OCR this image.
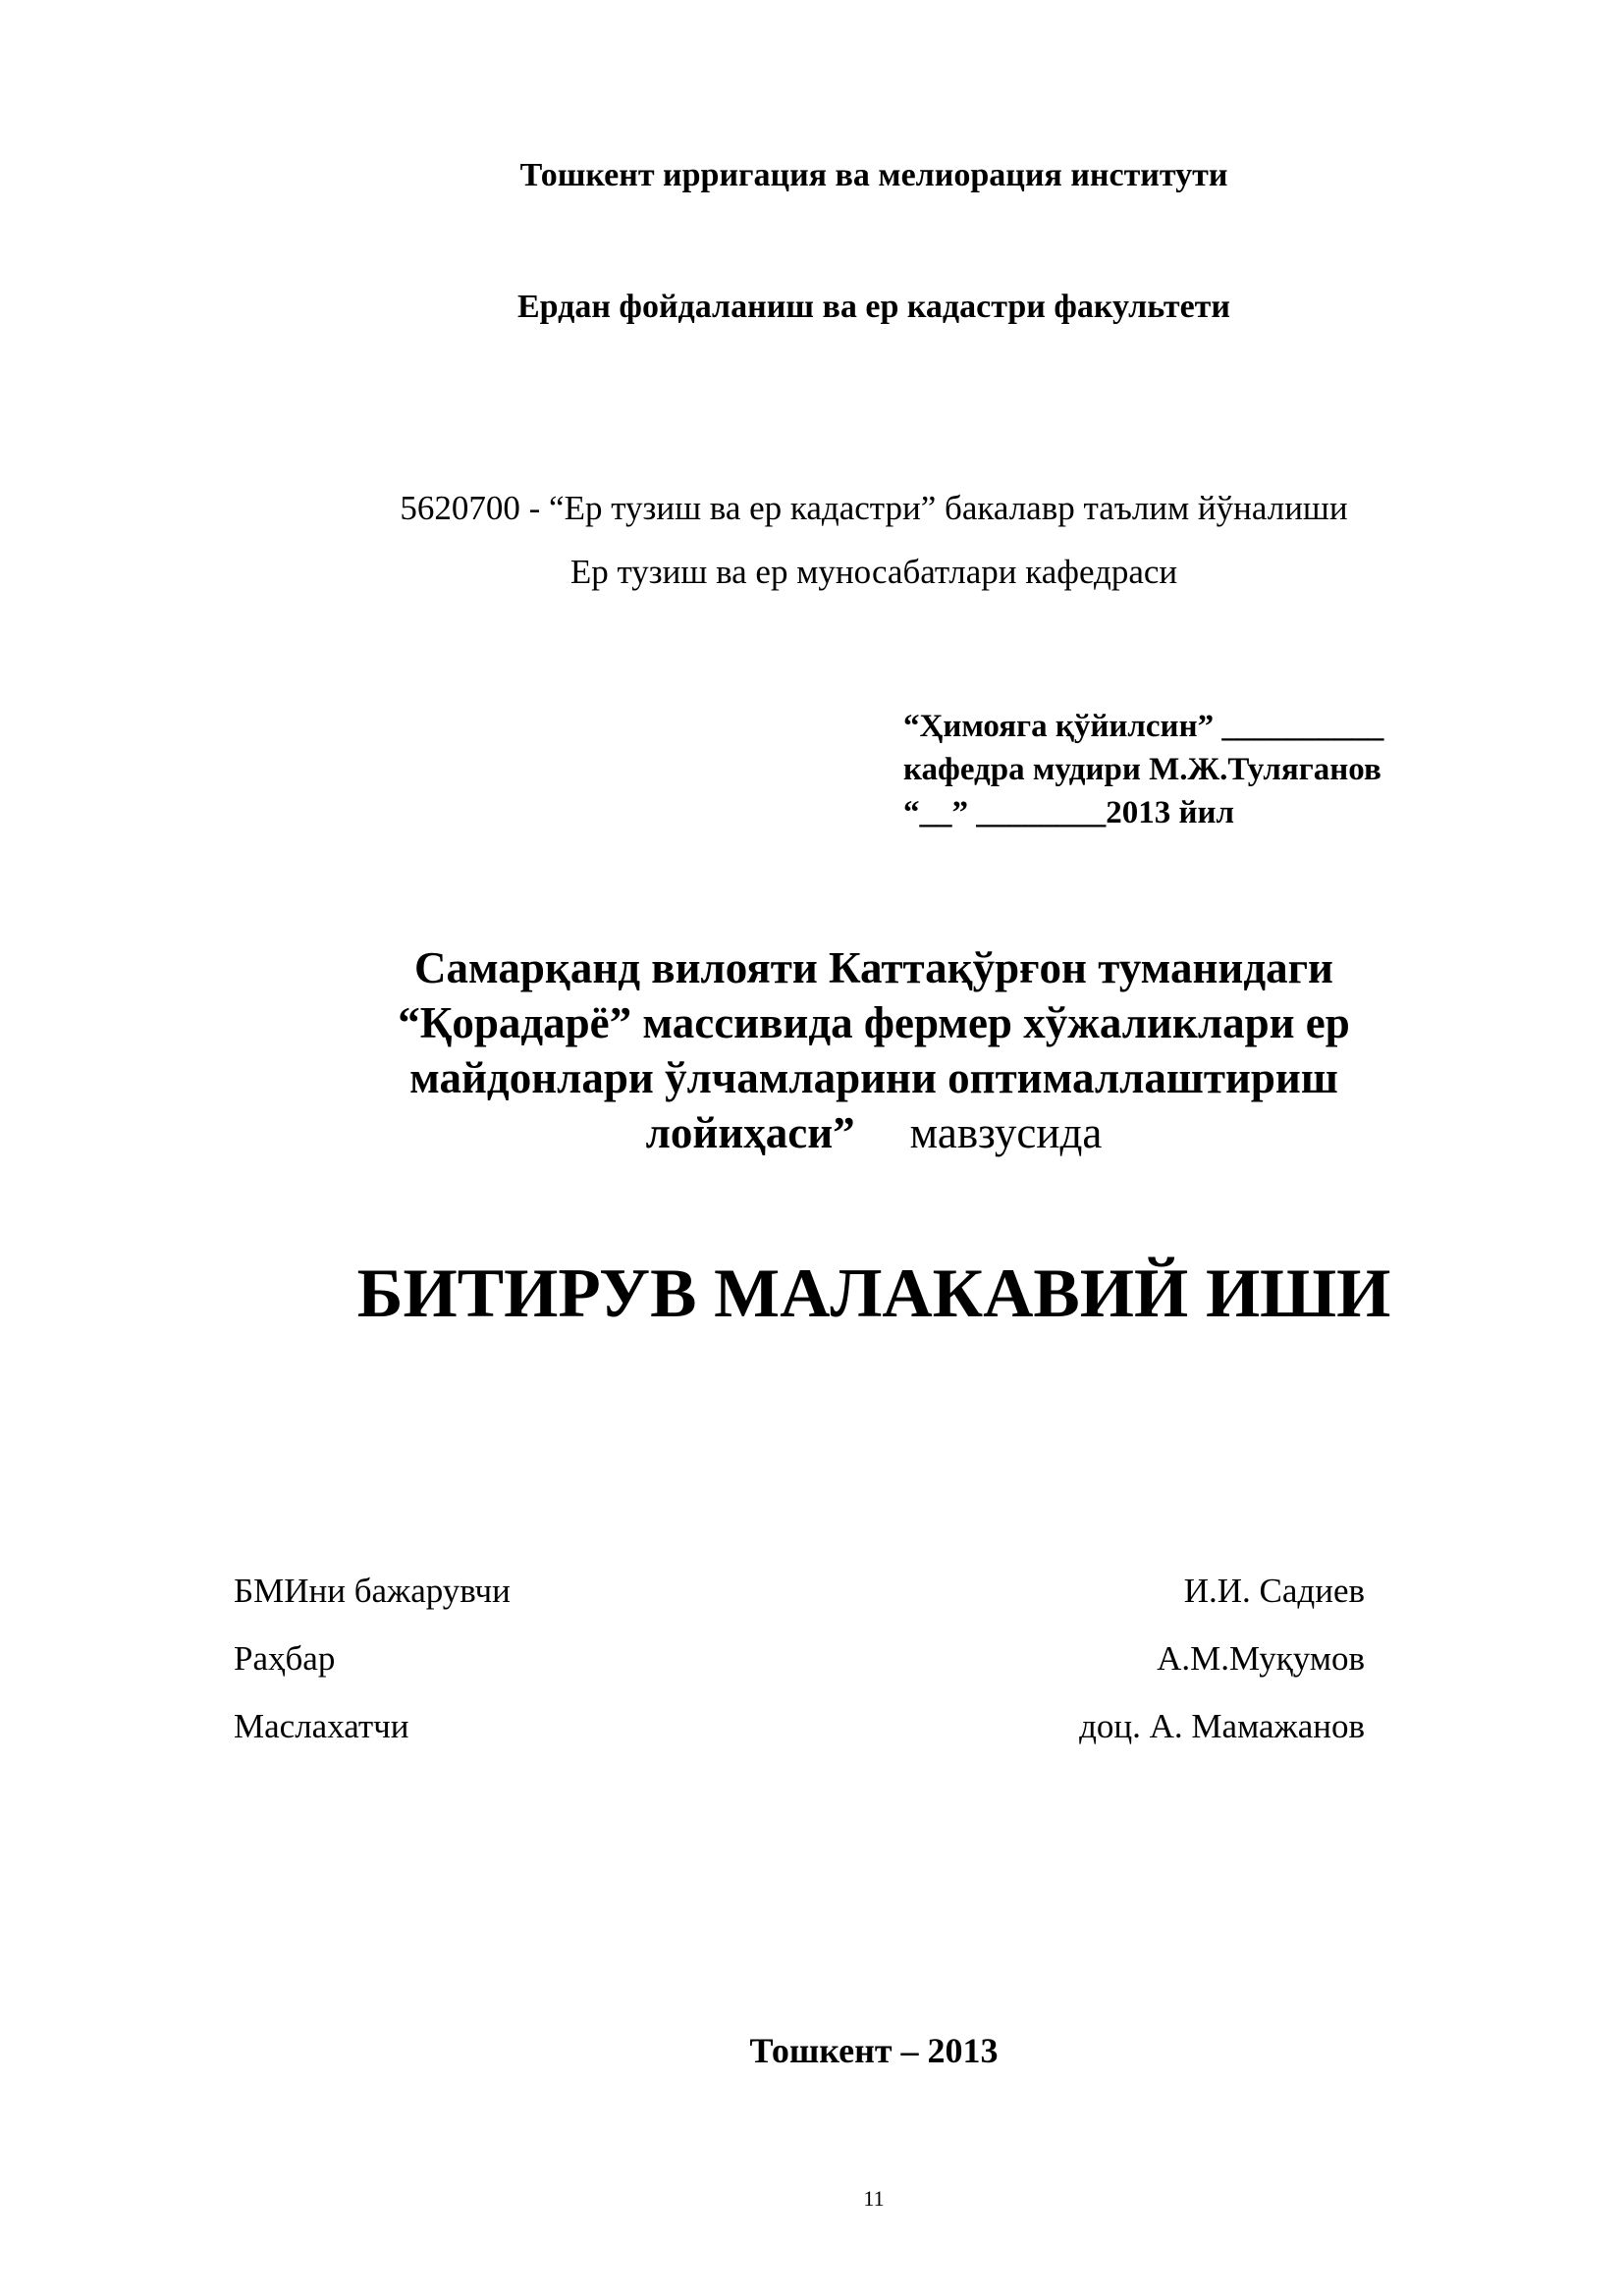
Тошкент ирригация ва мелиорация институти
Ердан фойдаланиш ва ер кадастри факультети
5620700 - “Ер тузиш ва ер кадастри” бакалавр таълим йўналиши
Ер тузиш ва ер муносабатлари кафедраси
“Ҳимояга қўйилсин” __________
кафедра мудири М.Ж.Туляганов
“__” ________2013 йил
Самарқанд вилояти Каттақўрғон туманидаги
“Қорадарё” массивида фермер хўжаликлари ер
майдонлари ўлчамларини оптималлаштириш
лойиҳаси” мавзусида
БИТИРУВ МАЛАКАВИЙ ИШИ
БМИни бажарувчи
Раҳбар
Маслахатчи
И.И. Садиев
А.М.Муқумов
доц. А. Мамажанов
Тошкент – 2013
11
